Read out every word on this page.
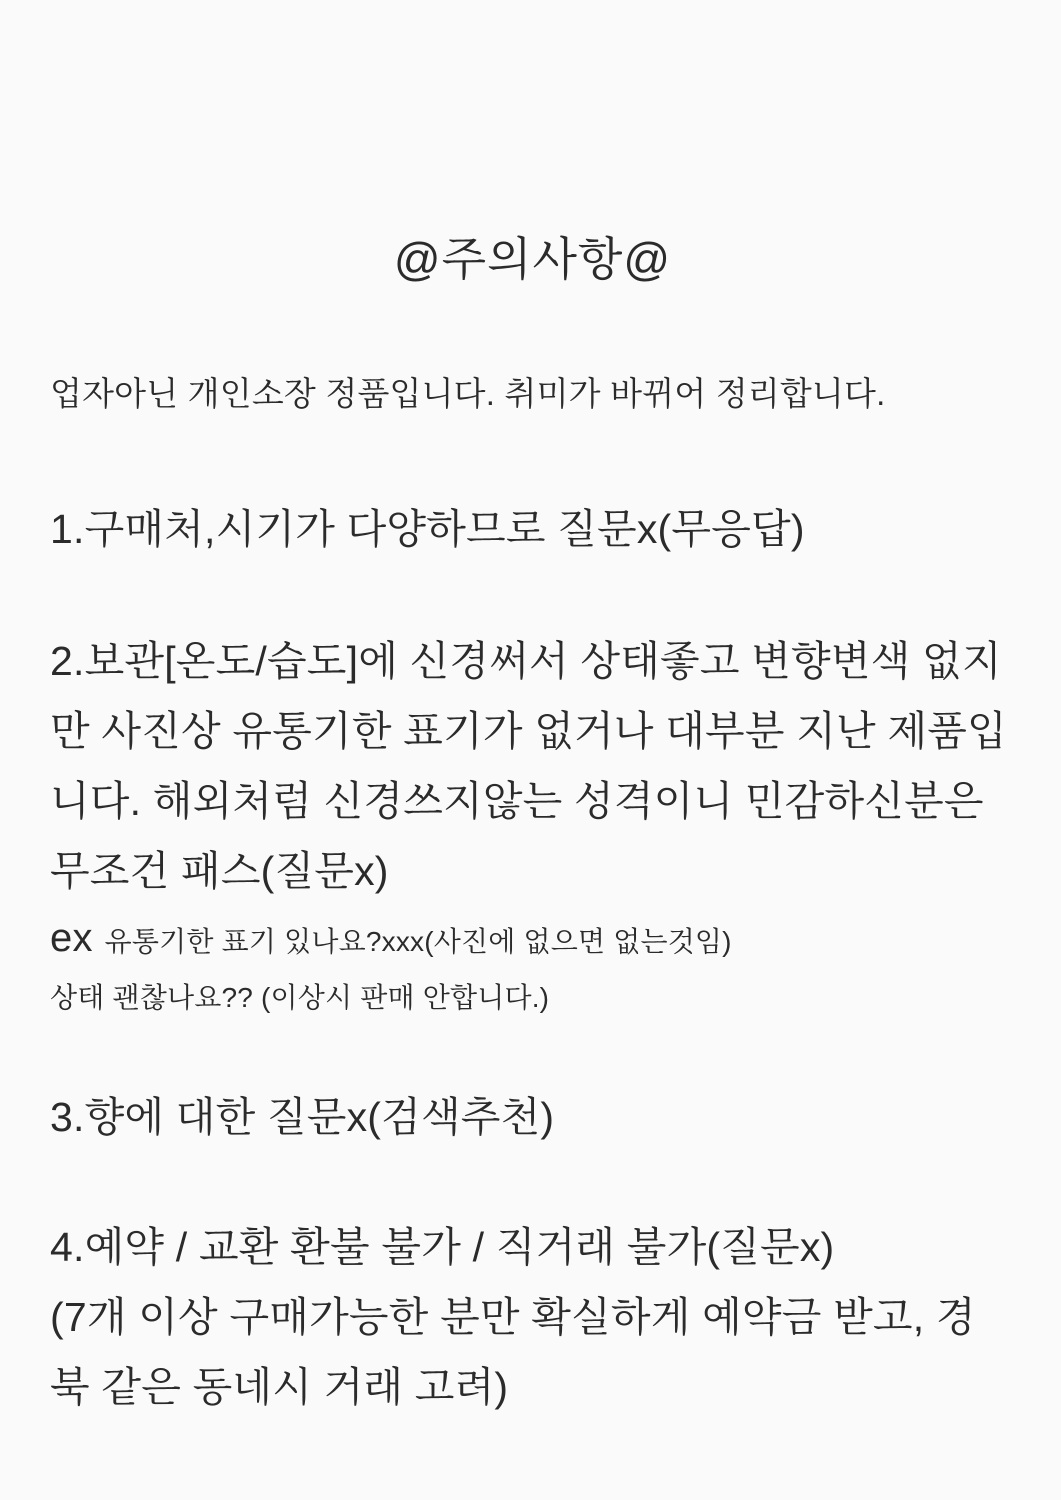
@주의사항@

업자아닌 개인소장 정품입니다. 취미가 바뀌어 정리합니다.

1.구매처,시기가 다양하므로 질문x(무응답)

2.보관[온도/습도]에 신경써서 상태좋고 변향변색 없지만 사진상 유통기한 표기가 없거나 대부분 지난 제품입니다. 해외처럼 신경쓰지않는 성격이니 민감하신분은 무조건 패스(질문x)

ex 유통기한 표기 있나요?xxx(사진에 없으면 없는것임)

상태 괜찮나요?? (이상시 판매 안합니다.)

3.향에 대한 질문x(검색추천)

4.예약 / 교환 환불 불가 / 직거래 불가(질문x)
(7개 이상 구매가능한 분만 확실하게 예약금 받고, 경북 같은 동네시 거래 고려)
